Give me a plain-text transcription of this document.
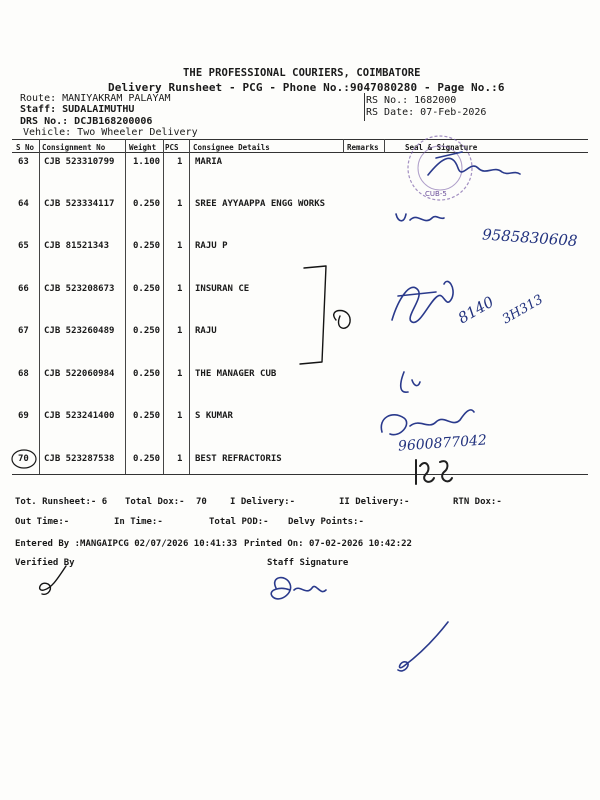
THE PROFESSIONAL COURIERS, COIMBATORE
Delivery Runsheet - PCG - Phone No.:9047080280 - Page No.:6
Route: MANIYAKRAM PALAYAM
Staff: SUDALAIMUTHU
DRS No.: DCJB168200006
Vehicle: Two Wheeler Delivery
RS No.: 1682000
RS Date: 07-Feb-2026
S No Consignment No	Weight PCS Consignee Details	Remarks	Seal & Signature
63 CJB 523310799 1.100 1 MARIA
64 CJB 523334117 0.250 1 SREE AYYAAPPA ENGG WORKS
65 CJB 81521343	0.250 1 RAJU P
66 CJB 523208673 0.250 1 INSURAN CE
67 CJB 523260489 0.250 1 RAJU
68 CJB 522060984 0.250 1 THE MANAGER CUB
69 CJB 523241400 0.250 1 S KUMAR
70 CJB 523287538 0.250 1 BEST REFRACTORIS
Tot. Runsheet:- 6 Total Dox:- 70	I Delivery:-	II Delivery:-	RTN Dox:-
Out Time:-	In Time:-	Total POD:- Delvy Points:-
Entered By :MANGAIPCG 02/07/2026 10:41:33 Printed On: 07-02-2026 10:42:22
Verified By	Staff Signature
CUB-5
9585830608
8140 3H313
9600877042
